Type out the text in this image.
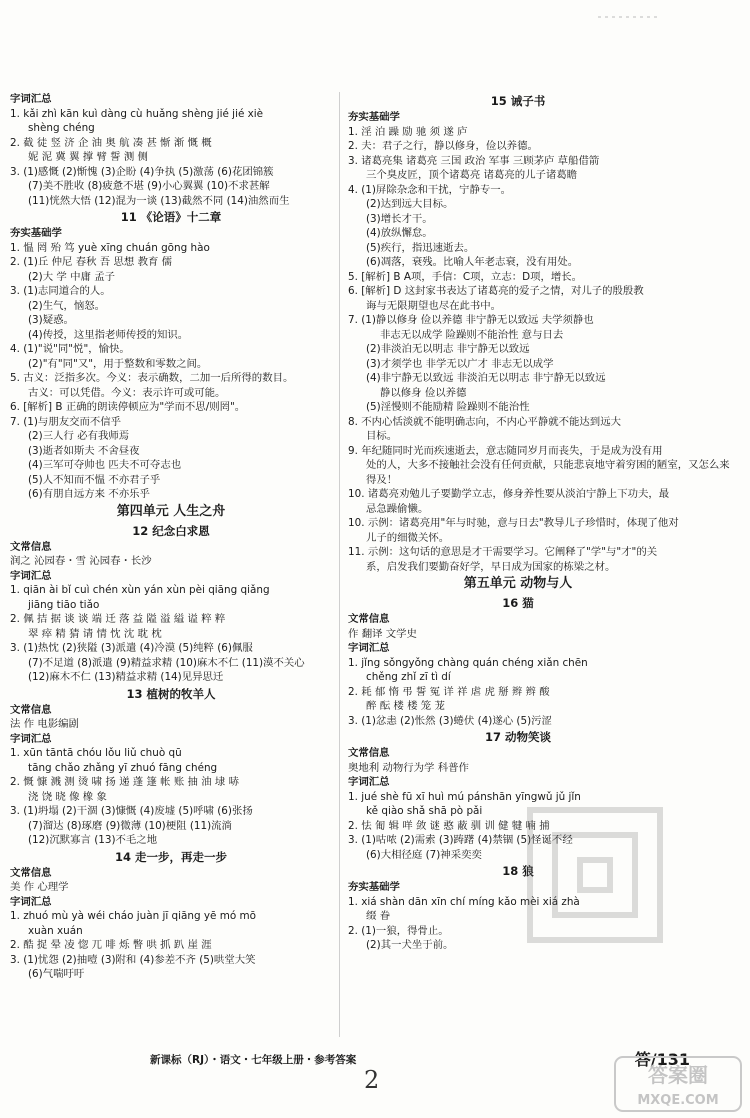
字词汇总
1. kǎi zhì kān kuì dàng cù huǎng shèng jié jié xiè
shèng chéng
2. 截 徒 竖 济 企 油 奥 航 凑 甚 惭 渐 慨 概
妮 泥 冀 翼 撑 臂 誓 测 侧
3. (1)感慨 (2)惭愧 (3)企盼 (4)争执 (5)激荡 (6)花团锦簇
(7)美不胜收 (8)疲惫不堪 (9)小心翼翼 (10)不求甚解
(11)恍然大悟 (12)混为一谈 (13)截然不同 (14)油然而生
11 《论语》十二章
夯实基础学
1. 愠 罔 殆 笃 yuè xīng chuán gōng hào
2. (1)丘 仲尼 春秋 吾 思想 教育 儒
(2)大 学 中庸 孟子
3. (1)志同道合的人。
(2)生气，恼怒。
(3)疑惑。
(4)传授，这里指老师传授的知识。
4. (1)"说"同"悦"，愉快。
(2)"有"同"又"，用于整数和零数之间。
5. 古义：泛指多次。今义：表示确数，二加一后所得的数目。
古义：可以凭借。今义：表示许可或可能。
6. [解析] B 正确的朗读停顿应为"学而不思/则罔"。
7. (1)与朋友交而不信乎
(2)三人行 必有我师焉
(3)逝者如斯夫 不舍昼夜
(4)三军可夺帅也 匹夫不可夺志也
(5)人不知而不愠 不亦君子乎
(6)有朋自远方来 不亦乐乎
第四单元 人生之舟
12 纪念白求恩
文常信息
润之 沁园春・雪 沁园春・长沙
字词汇总
1. qiān ài bǐ cuì chén xùn yán xùn pèi qiāng qiǎng
jiāng tiāo tiǎo
2. 佩 拮 据 谈 谈 端 迁 落 益 隘 溢 縊 谥 粹 粹
翠 瘁 精 猜 请 情 忱 沈 耽 枕
3. (1)热忱 (2)狭隘 (3)派遣 (4)冷漠 (5)纯粹 (6)佩服
(7)不足道 (8)派遣 (9)精益求精 (10)麻木不仁 (11)漠不关心
(12)麻木不仁 (13)精益求精 (14)见异思迁
13 植树的牧羊人
文常信息
法 作 电影编剧
字词汇总
1. xūn tāntā chóu lǒu liǔ chuò qū
tāng chǎo zhǎng yī zhuó fāng chéng
2. 慨 慷 溅 测 烫 啸 扬 递 蓬 篷 帐 账 抽 油 埭 哧
浇 饶 晓 像 橡 象
3. (1)坍塌 (2)干涸 (3)慷慨 (4)废墟 (5)呼啸 (6)张扬
(7)溜达 (8)琢磨 (9)微薄 (10)梗阻 (11)流淌
(12)沉默寡言 (13)不毛之地
14 走一步，再走一步
文常信息
美 作 心理学
字词汇总
1. zhuó mù yà wéi cháo juàn jī qiāng yē mó mō
xuàn xuán
2. 酷 捉 晕 凌 惚 兀 啡 烁 瞥 哄 抓 趴 崖 涯
3. (1)忧怨 (2)抽噎 (3)附和 (4)参差不齐 (5)哄堂大笑
(6)气喘吁吁
15 诫子书
夯实基础学
1. 淫 泊 躁 励 驰 须 遂 庐
2. 夫：君子之行，静以修身，俭以养德。
3. 诸葛亮集 诸葛亮 三国 政治 军事 三顾茅庐 草船借箭
三个臭皮匠，顶个诸葛亮 诸葛亮的儿子诸葛瞻
4. (1)屏除杂念和干扰，宁静专一。
(2)达到远大目标。
(3)增长才干。
(4)放纵懈怠。
(5)疾行，指迅速逝去。
(6)凋落，衰残。比喻人年老志衰，没有用处。
5. [解析] B A项，手信：C项，立志：D项，增长。
6. [解析] D 这封家书表达了诸葛亮的爱子之情，对儿子的殷殷教
诲与无限期望也尽在此书中。
7. (1)静以修身 俭以养德 非宁静无以致远 夫学须静也
非志无以成学 险躁则不能治性 意与日去
(2)非淡泊无以明志 非宁静无以致远
(3)才须学也 非学无以广才 非志无以成学
(4)非宁静无以致远 非淡泊无以明志 非宁静无以致远
静以修身 俭以养德
(5)淫慢则不能励精 险躁则不能治性
8. 不内心恬淡就不能明确志向，不内心平静就不能达到远大
目标。
9. 年纪随同时光而疾速逝去，意志随同岁月而丧失，于是成为没有用
处的人，大多不接触社会没有任何贡献，只能悲哀地守着穷困的陋室，又怎么来
得及！
10. 诸葛亮劝勉儿子要勤学立志，修身养性要从淡泊宁静上下功夫，最
忌急躁偷懒。
10. 示例：诸葛亮用"年与时驰，意与日去"教导儿子珍惜时，体现了他对
儿子的细微关怀。
11. 示例：这句话的意思是才干需要学习。它阐释了"学"与"才"的关
系，启发我们要勤奋好学，早日成为国家的栋梁之材。
第五单元 动物与人
16 猫
文常信息
作 翻译 文学史
字词汇总
1. jǐng sǒngyǒng chàng quán chéng xiǎn chēn
chěng zhǐ zī tì dí
2. 耗 郁 惰 弔 誓 冤 详 祥 虐 虎 掰 辫 辫 酸
醉 酝 楼 楼 笼 茏
3. (1)忿恚 (2)怅然 (3)蜷伏 (4)遂心 (5)污涩
17 动物笑谈
文常信息
奥地利 动物行为学 科普作
字词汇总
1. jué shè fū xī huì mú pánshān yīngwǔ jǔ jǐn
kě qiào shǎ shā pò pǎi
2. 怯 匍 辑 咩 敛 谜 憨 蔽 驯 训 健 犍 喃 捕
3. (1)咕哝 (2)需索 (3)踌躇 (4)禁锢 (5)怪诞不经
(6)大相径庭 (7)神采奕奕
18 狼
夯实基础学
1. xiá shàn dān xīn chí míng kǎo mèi xiá zhà
缀 眷
2. (1)一狼，得骨止。
(2)其一犬坐于前。
新课标（RJ）・语文・七年级上册・参考答案	答/131
2	答案圈
MXQE.COM
